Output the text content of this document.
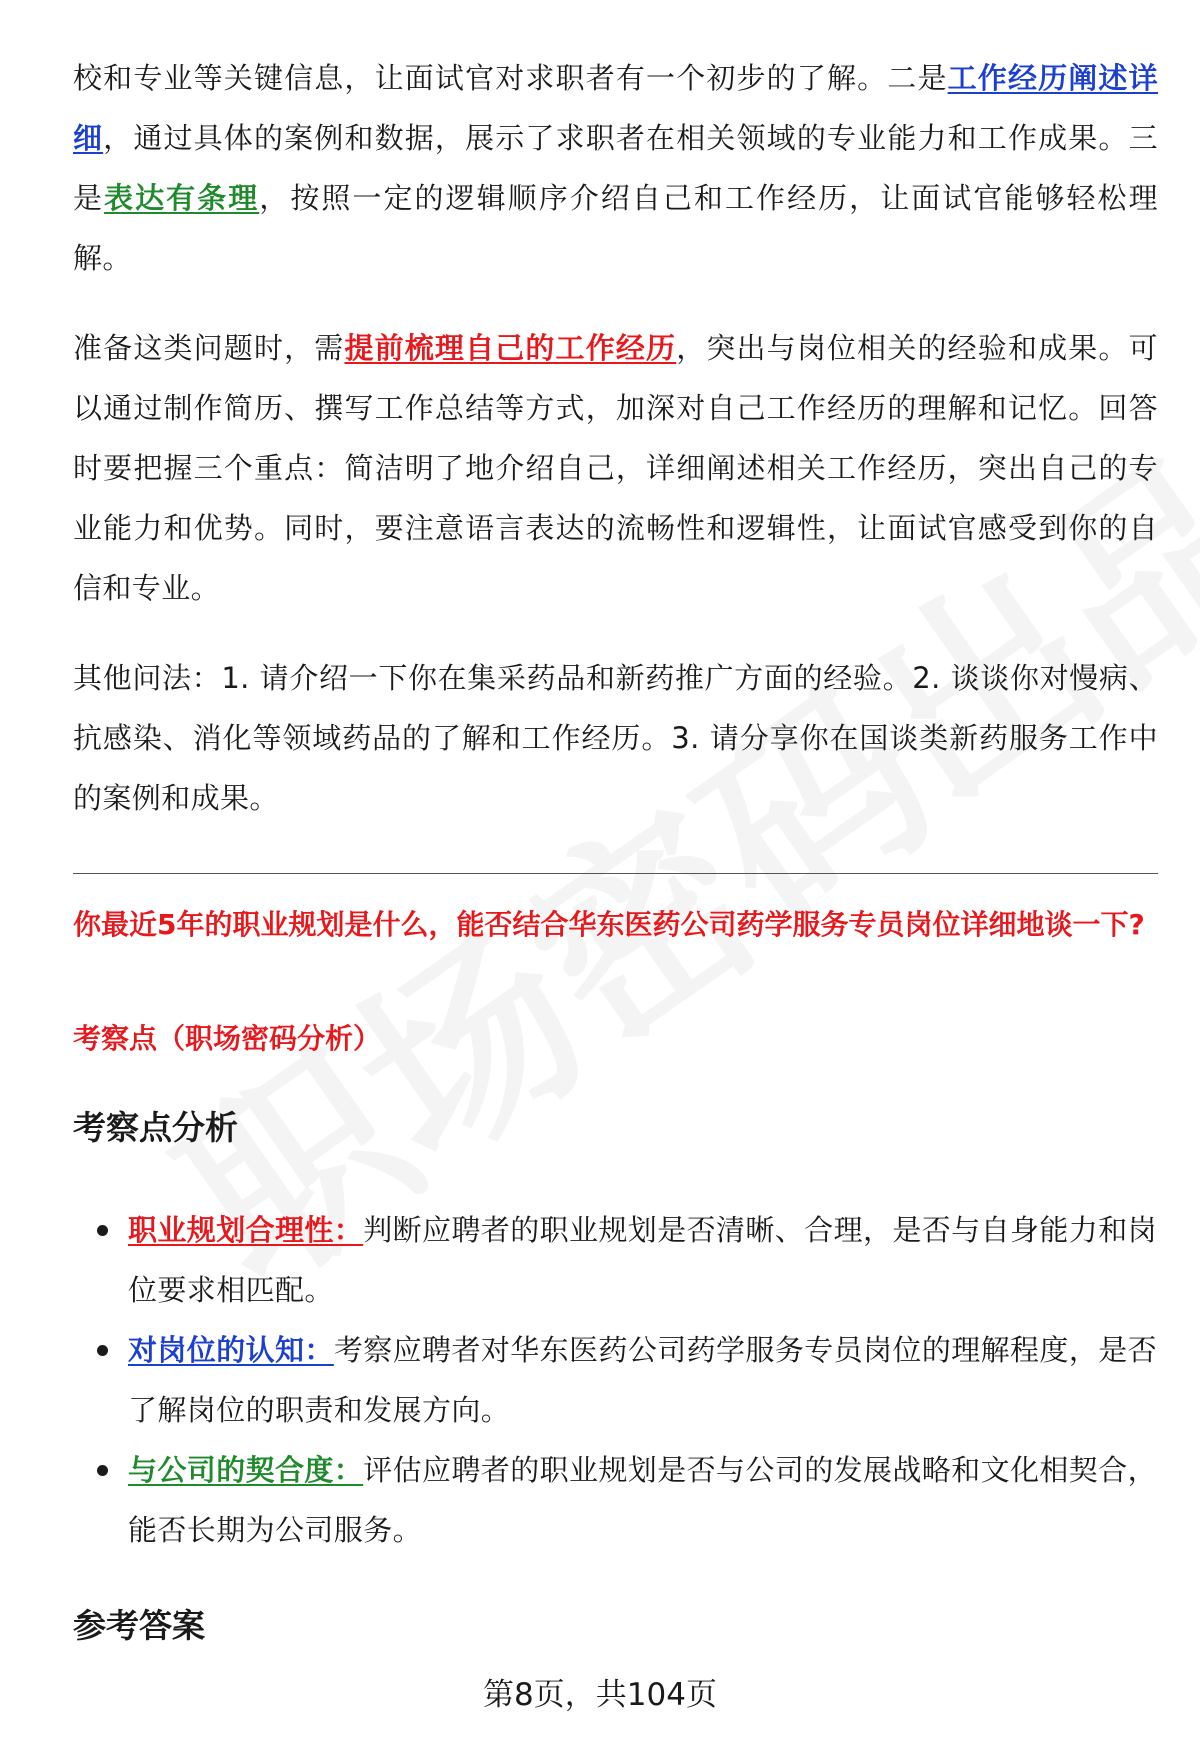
校和专业等关键信息，让面试官对求职者有一个初步的了解。二是工作经历阐述详细，通过具体的案例和数据，展示了求职者在相关领域的专业能力和工作成果。三是表达有条理，按照一定的逻辑顺序介绍自己和工作经历，让面试官能够轻松理解。

准备这类问题时，需提前梳理自己的工作经历，突出与岗位相关的经验和成果。可以通过制作简历、撰写工作总结等方式，加深对自己工作经历的理解和记忆。回答时要把握三个重点：简洁明了地介绍自己，详细阐述相关工作经历，突出自己的专业能力和优势。同时，要注意语言表达的流畅性和逻辑性，让面试官感受到你的自信和专业。

其他问法：1. 请介绍一下你在集采药品和新药推广方面的经验。2. 谈谈你对慢病、抗感染、消化等领域药品的了解和工作经历。3. 请分享你在国谈类新药服务工作中的案例和成果。

你最近5年的职业规划是什么，能否结合华东医药公司药学服务专员岗位详细地谈一下?

考察点（职场密码分析）

考察点分析
职业规划合理性：判断应聘者的职业规划是否清晰、合理，是否与自身能力和岗位要求相匹配。
对岗位的认知：考察应聘者对华东医药公司药学服务专员岗位的理解程度，是否了解岗位的职责和发展方向。
与公司的契合度：评估应聘者的职业规划是否与公司的发展战略和文化相契合，能否长期为公司服务。
参考答案
第8页，共104页
